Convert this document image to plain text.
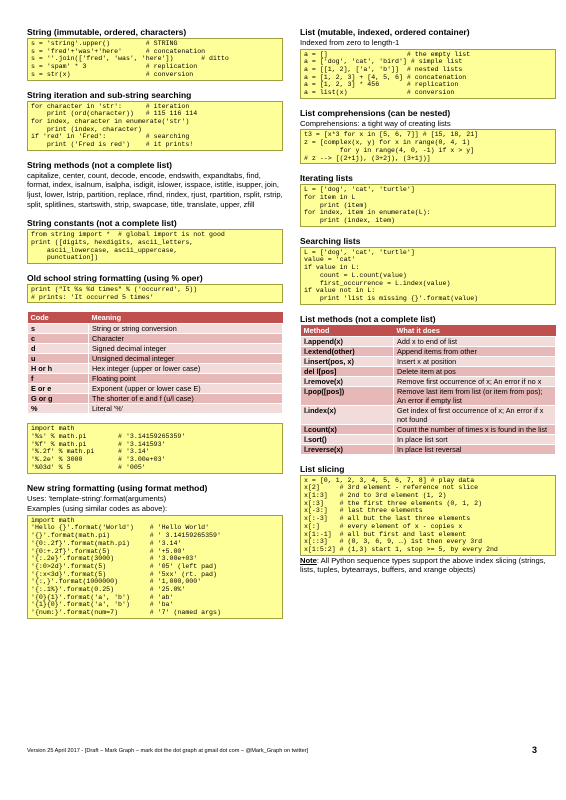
String (immutable, ordered, characters)
s = 'string'.upper()         # STRING
s = 'fred'+'was'+'here'      # concatenation
s = ''.join(['fred', 'was', 'here'])       # ditto
s = 'spam' * 3               # replication
s = str(x)                   # conversion
String iteration and sub-string searching
for character in 'str':      # iteration
print (ord(character))   # 115 116 114
for index, character in enumerate('str')
print (index, character)
if 'red' in 'Fred':          # searching
print ('Fred is red')    # it prints!
String methods (not a complete list)
capitalize, center, count, decode, encode, endswith, expandtabs, find, format, index, isalnum, isalpha, isdigit, islower, isspace, istitle, isupper, join, ljust, lower, lstrip, partition, replace, rfind, rindex, rjust, rpartition, rsplit, rstrip, split, splitlines, startswith, strip, swapcase, title, translate, upper, zfill
String constants (not a complete list)
from string import *  # global import is not good
print ([digits, hexdigits, ascii_letters,
ascii_lowercase, ascii_uppercase,
punctuation])
Old school string formatting (using % oper)
print ("It %s %d times" % ('occurred', 5))
# prints: 'It occurred 5 times'
Code	Meaning
s	String or string conversion
c	Character
d	Signed decimal integer
u	Unsigned decimal integer
H or h	Hex integer (upper or lower case)
f	Floating point
E or e	Exponent (upper or lower case E)
G or g	The shorter of e and f (u/l case)
%	Literal '%'
import math
'%s' % math.pi        # '3.14159265359'
'%f' % math.pi        # '3.141593'
'%.2f' % math.pi      # '3.14'
'%.2e' % 3000         # '3.00e+03'
'%03d' % 5            # '005'
New string formatting (using format method)
Uses: 'template-string'.format(arguments)
Examples (using similar codes as above):
import math
'Hello {}'.format('World')    # 'Hello World'
'{}'.format(math.pi)          # ' 3.14159265359'
'{0:.2f}'.format(math.pi)     # '3.14'
'{0:+.2f}'.format(5)          # '+5.00'
'{:.2e}'.format(3000)         # '3.00e+03'
'{:0>2d}'.format(5)           # '05' (left pad)
'{:x<3d}'.format(5)           # '5xx' (rt. pad)
'{:,}'.format(1000000)        # '1,000,000'
'{:.1%}'.format(0.25)         # '25.0%'
'{0}{1}'.format('a', 'b')     # 'ab'
'{1}{0}'.format('a', 'b')     # 'ba'
'{num:}'.format(num=7)        # '7' (named args)
List (mutable, indexed, ordered container)
Indexed from zero to length-1
a = []                    # the empty list
a = ['dog', 'cat', 'bird'] # simple list
a = [[1, 2], ['a', 'b']]  # nested lists
a = [1, 2, 3] + [4, 5, 6] # concatenation
a = [1, 2, 3] * 456       # replication
a = list(x)               # conversion
List comprehensions (can be nested)
Comprehensions: a tight way of creating lists
t3 = [x*3 for x in [5, 6, 7]] # [15, 18, 21]
z = [complex(x, y) for x in range(0, 4, 1)
for y in range(4, 0, -1) if x > y]
# z --> [(2+1j), (3+2j), (3+1j)]
Iterating lists
L = ['dog', 'cat', 'turtle']
for item in L
print (item)
for index, item in enumerate(L):
print (index, item)
Searching lists
L = ['dog', 'cat', 'turtle']
value = 'cat'
if value in L:
count = L.count(value)
first_occurrence = L.index(value)
if value not in L:
print 'list is missing {}'.format(value)
List methods (not a complete list)
Method	What it does
l.append(x)	Add x to end of list
l.extend(other)	Append items from other
l.insert(pos, x)	Insert x at position
del l[pos]	Delete item at pos
l.remove(x)	Remove first occurrence of x; An error if no x
l.pop([pos])	Remove last item from list (or item from pos); An error if empty list
l.index(x)	Get index of first occurrence of x; An error if x not found
l.count(x)	Count the number of times x is found in the list
l.sort()	In place list sort
l.reverse(x)	In place list reversal
List slicing
x = [0, 1, 2, 3, 4, 5, 6, 7, 8] # play data
x[2]     # 3rd element - reference not slice
x[1:3]   # 2nd to 3rd element (1, 2)
x[:3]    # the first three elements (0, 1, 2)
x[-3:]   # last three elements
x[:-3]   # all but the last three elements
x[:]     # every element of x - copies x
x[1:-1]  # all but first and last element
x[::3]   # (0, 3, 6, 9, …) 1st then every 3rd
x[1:5:2] # (1,3) start 1, stop >= 5, by every 2nd
Note: All Python sequence types support the above index slicing (strings, lists, tuples, bytearrays, buffers, and xrange objects)
Version 25 April 2017 - [Draft – Mark Graph – mark dot the dot graph at gmail dot com – @Mark_Graph on twitter]	3
